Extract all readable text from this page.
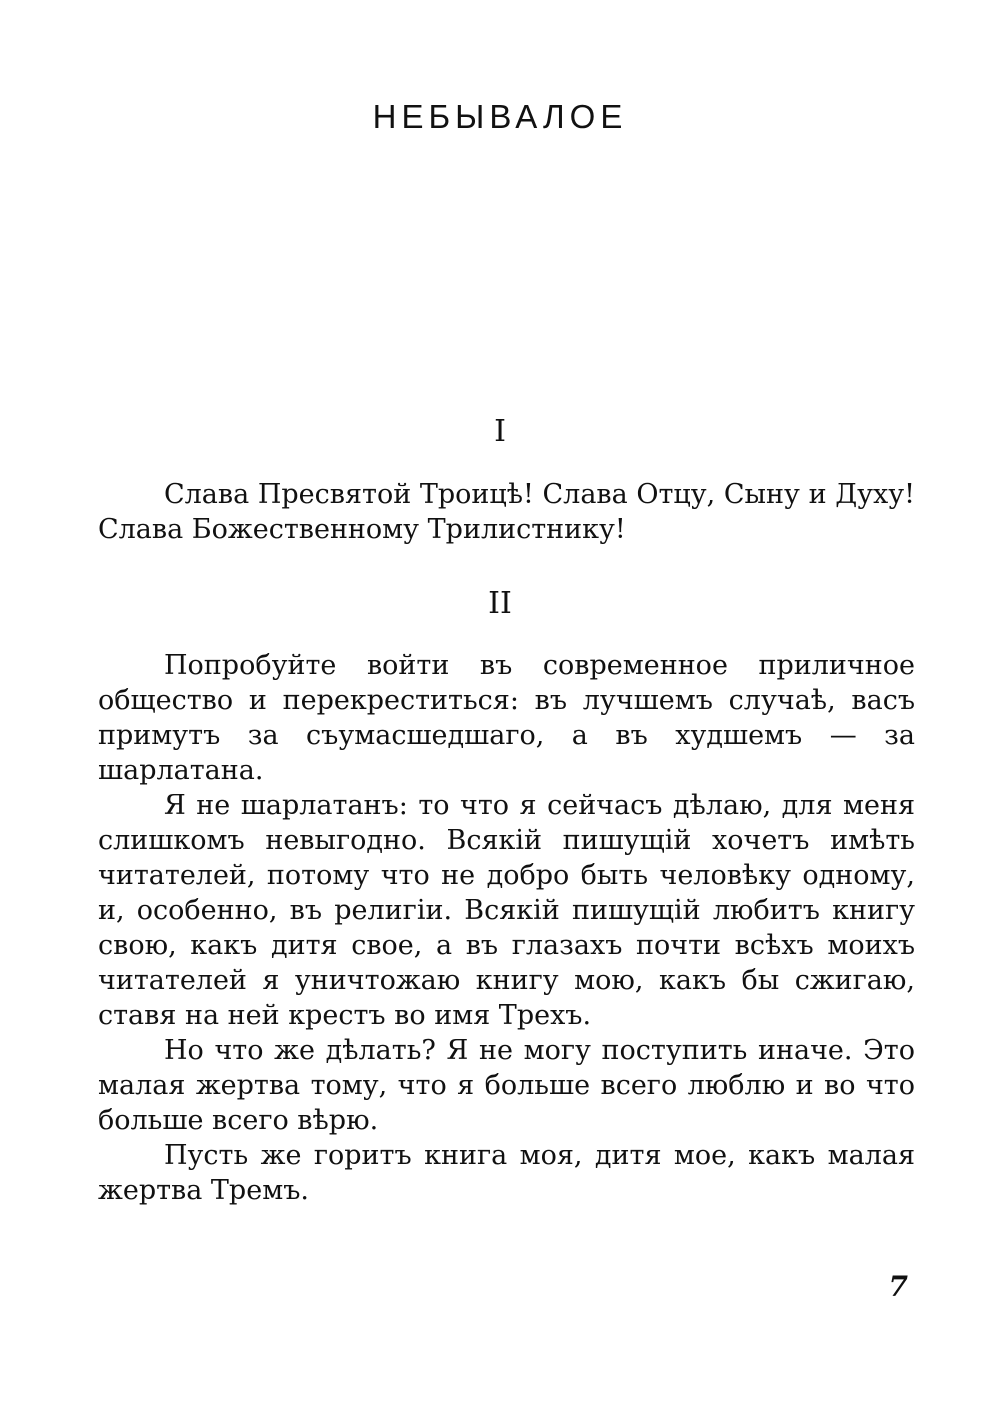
НЕБЫВАЛОЕ
I

Слава Пресвятой Троицѣ! Слава Отцу, Сыну и Духу! Слава Божественному Трилистнику!

II

Попробуйте войти въ современное приличное общество и перекреститься: въ лучшемъ случаѣ, васъ примутъ за съумасшедшаго, а въ худшемъ — за шарлатана.

Я не шарлатанъ: то что я сейчасъ дѣлаю, для меня слишкомъ невыгодно. Всякій пишущій хочетъ имѣть читателей, потому что не добро быть человѣку одному, и, особенно, въ религіи. Всякій пишущій любитъ книгу свою, какъ дитя свое, а въ глазахъ почти всѣхъ моихъ читателей я уничтожаю книгу мою, какъ бы сжигаю, ставя на ней крестъ во имя Трехъ.

Но что же дѣлать? Я не могу поступить иначе. Это малая жертва тому, что я больше всего люблю и во что больше всего вѣрю.

Пусть же горитъ книга моя, дитя мое, какъ малая жертва Тремъ.

7
